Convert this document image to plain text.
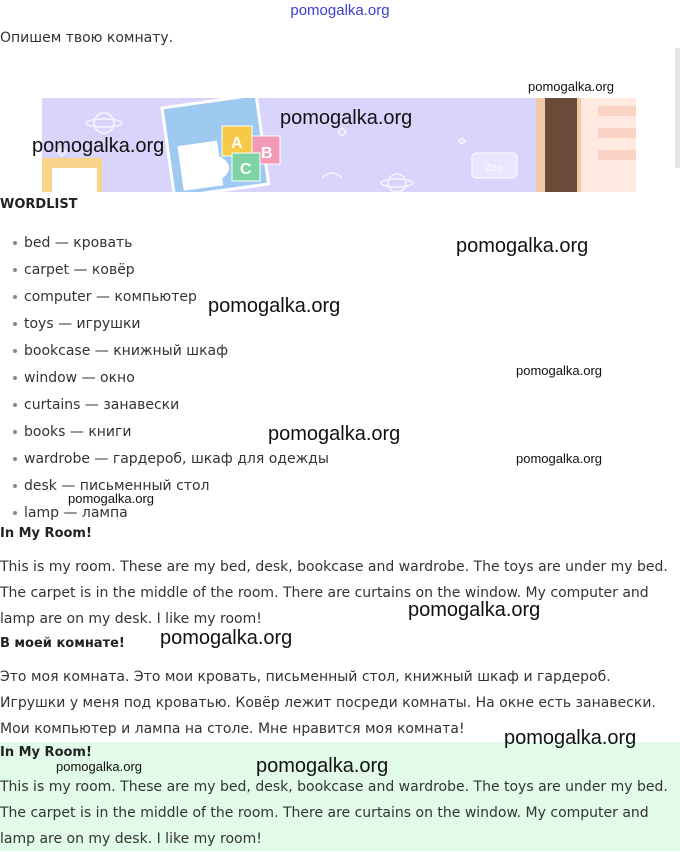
pomogalka.org
Опишем твою комнату.
A
B
C	Zoo
WORDLIST
bed — кровать
carpet — ковёр
computer — компьютер
toys — игрушки
bookcase — книжный шкаф
window — окно
curtains — занавески
books — книги
wardrobe — гардероб, шкаф для одежды
desk — письменный стол
lamp — лампа
In My Room!

This is my room. These are my bed, desk, bookcase and wardrobe. The toys are under my bed. The carpet is in the middle of the room. There are curtains on the window. My computer and lamp are on my desk. I like my room!

В моей комнате!

Это моя комната. Это мои кровать, письменный стол, книжный шкаф и гардероб. Игрушки у меня под кроватью. Ковёр лежит посреди комнаты. На окне есть занавески. Мои компьютер и лампа на столе. Мне нравится моя комната!

In My Room!

This is my room. These are my bed, desk, bookcase and wardrobe. The toys are under my bed. The carpet is in the middle of the room. There are curtains on the window. My computer and lamp are on my desk. I like my room!

pomogalka.org
pomogalka.org
pomogalka.org
pomogalka.org
pomogalka.org
pomogalka.org
pomogalka.org
pomogalka.org
pomogalka.org
pomogalka.org
pomogalka.org
pomogalka.org
pomogalka.org	pomogalka.org
